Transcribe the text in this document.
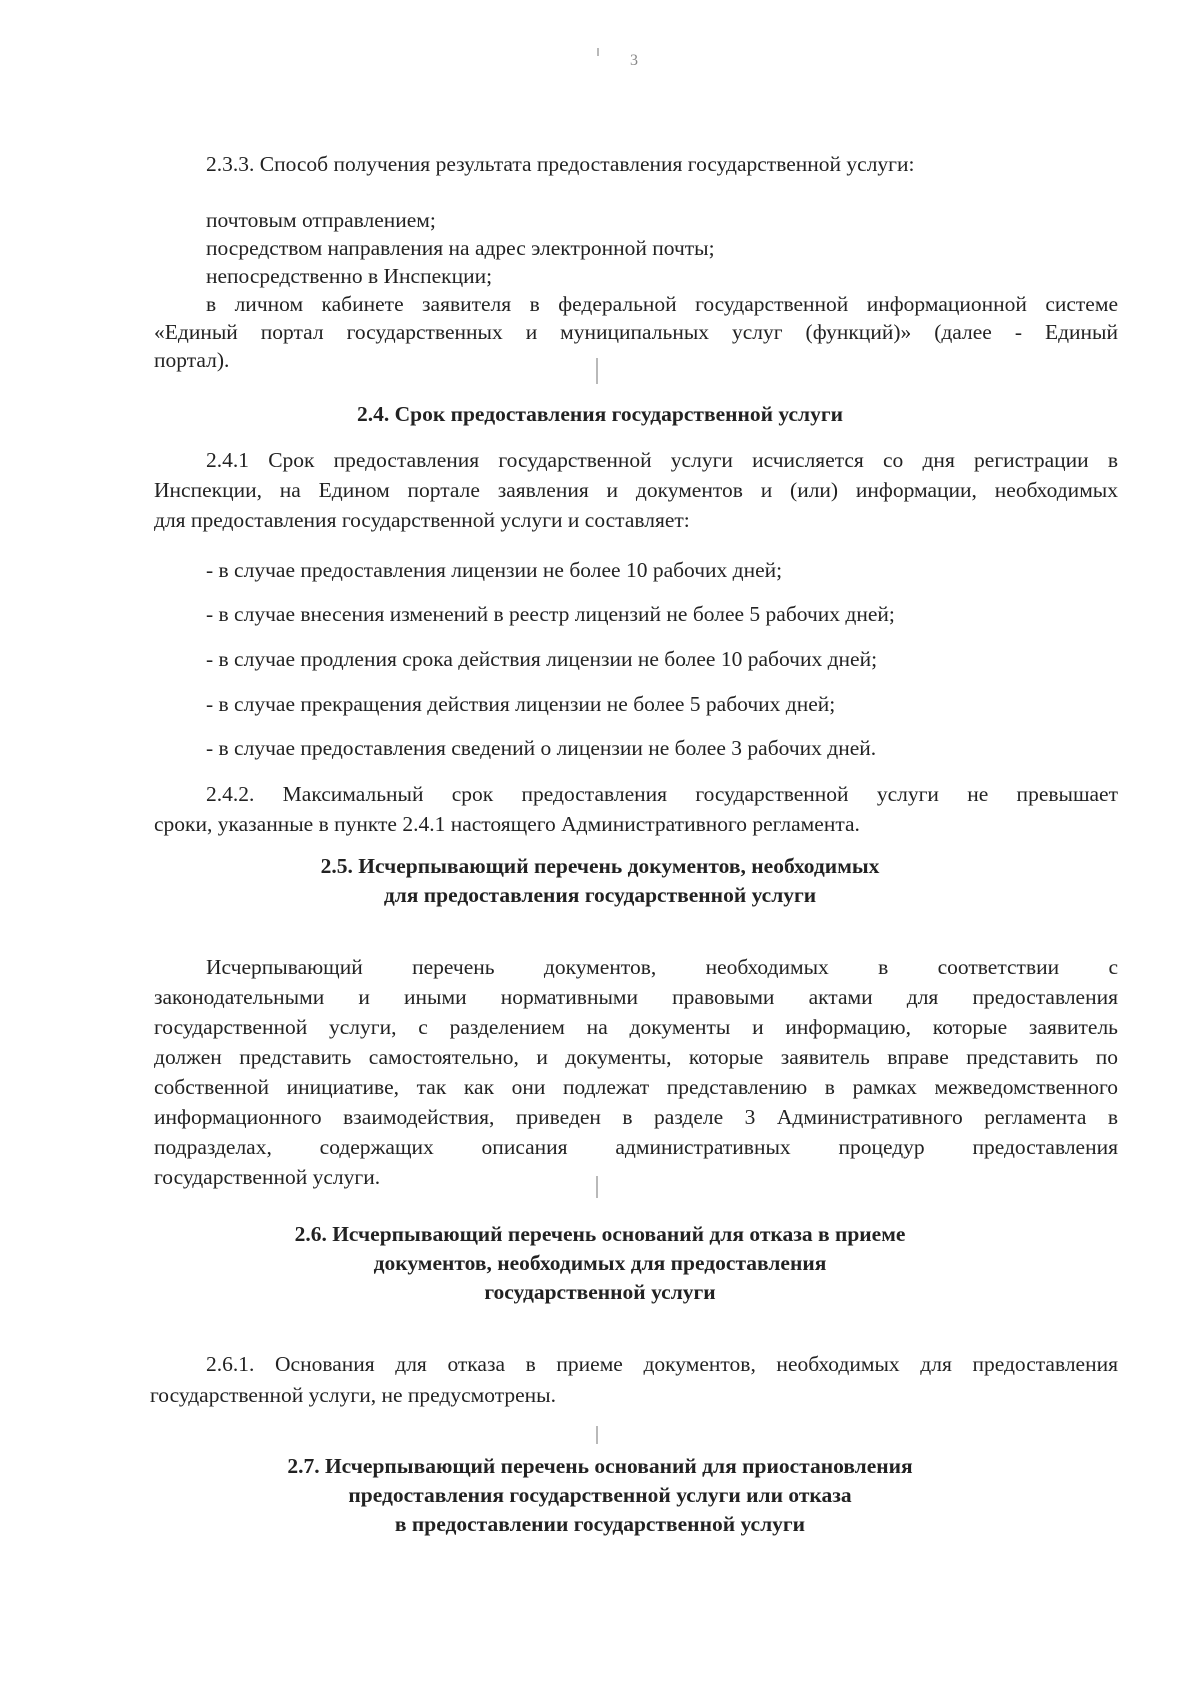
3

2.3.3. Способ получения результата предоставления государственной услуги:

почтовым отправлением;

посредством направления на адрес электронной почты;

непосредственно в Инспекции;

в личном кабинете заявителя в федеральной государственной информационной системе

«Единый портал государственных и муниципальных услуг (функций)» (далее - Единый

портал).

2.4. Срок предоставления государственной услуги

2.4.1 Срок предоставления государственной услуги исчисляется со дня регистрации в

Инспекции, на Едином портале заявления и документов и (или) информации, необходимых

для предоставления государственной услуги и составляет:

- в случае предоставления лицензии не более 10 рабочих дней;

- в случае внесения изменений в реестр лицензий не более 5 рабочих дней;

- в случае продления срока действия лицензии не более 10 рабочих дней;

- в случае прекращения действия лицензии не более 5 рабочих дней;

- в случае предоставления сведений о лицензии не более 3 рабочих дней.

2.4.2. Максимальный срок предоставления государственной услуги не превышает

сроки, указанные в пункте 2.4.1 настоящего Административного регламента.

2.5. Исчерпывающий перечень документов, необходимых

для предоставления государственной услуги

Исчерпывающий перечень документов, необходимых в соответствии с

законодательными и иными нормативными правовыми актами для предоставления

государственной услуги, с разделением на документы и информацию, которые заявитель

должен представить самостоятельно, и документы, которые заявитель вправе представить по

собственной инициативе, так как они подлежат представлению в рамках межведомственного

информационного взаимодействия, приведен в разделе 3 Административного регламента в

подразделах, содержащих описания административных процедур предоставления

государственной услуги.

2.6. Исчерпывающий перечень оснований для отказа в приеме

документов, необходимых для предоставления

государственной услуги

2.6.1. Основания для отказа в приеме документов, необходимых для предоставления

государственной услуги, не предусмотрены.

2.7. Исчерпывающий перечень оснований для приостановления

предоставления государственной услуги или отказа

в предоставлении государственной услуги
